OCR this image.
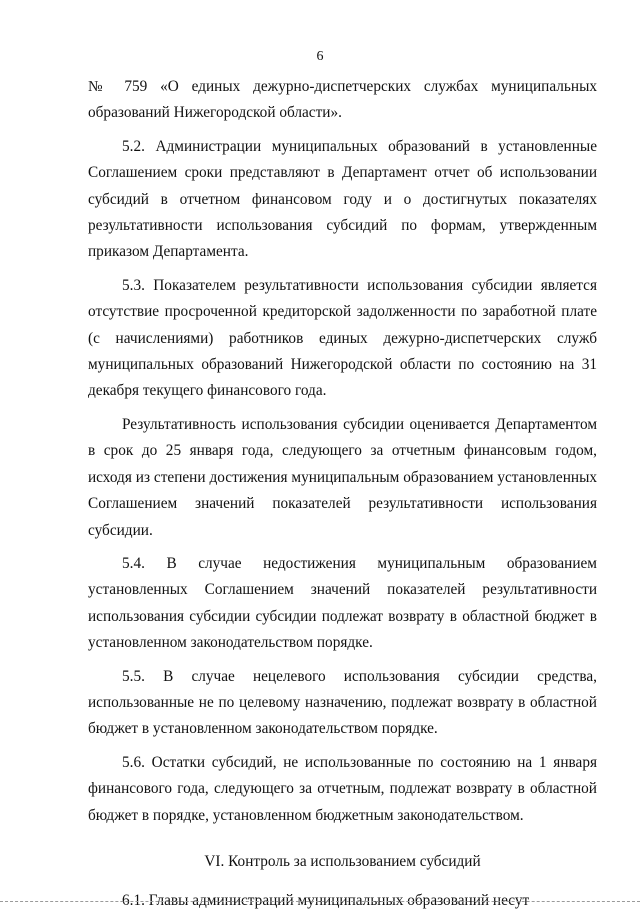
6

№ 759 «О единых дежурно-диспетчерских службах муниципальных образований Нижегородской области».

5.2. Администрации муниципальных образований в установленные Соглашением сроки представляют в Департамент отчет об использовании субсидий в отчетном финансовом году и о достигнутых показателях результативности использования субсидий по формам, утвержденным приказом Департамента.

5.3. Показателем результативности использования субсидии является отсутствие просроченной кредиторской задолженности по заработной плате (с начислениями) работников единых дежурно-диспетчерских служб муниципальных образований Нижегородской области по состоянию на 31 декабря текущего финансового года.

Результативность использования субсидии оценивается Департаментом в срок до 25 января года, следующего за отчетным финансовым годом, исходя из степени достижения муниципальным образованием установленных Соглашением значений показателей результативности использования субсидии.

5.4. В случае недостижения муниципальным образованием установленных Соглашением значений показателей результативности использования субсидии субсидии подлежат возврату в областной бюджет в установленном законодательством порядке.

5.5. В случае нецелевого использования субсидии средства, использованные не по целевому назначению, подлежат возврату в областной бюджет в установленном законодательством порядке.

5.6. Остатки субсидий, не использованные по состоянию на 1 января финансового года, следующего за отчетным, подлежат возврату в областной бюджет в порядке, установленном бюджетным законодательством.

VI. Контроль за использованием субсидий

6.1. Главы администраций муниципальных образований несут
